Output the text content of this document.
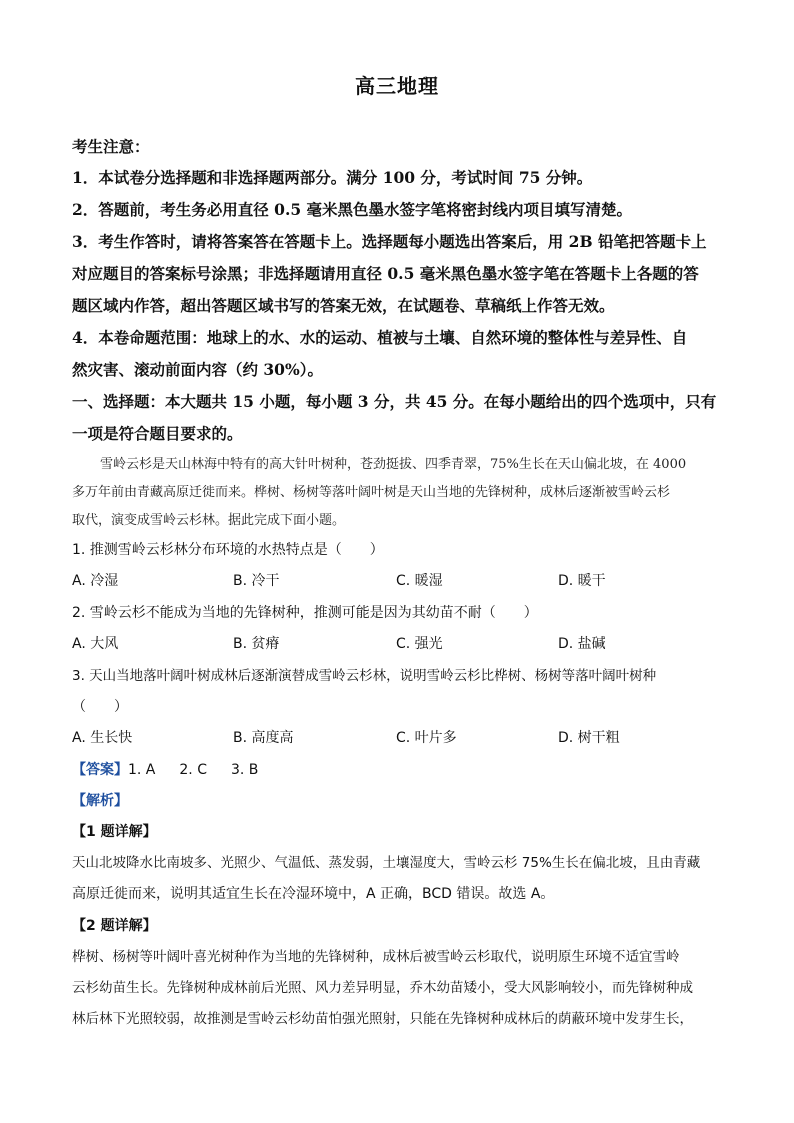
高三地理
考生注意：
1．本试卷分选择题和非选择题两部分。满分 100 分，考试时间 75 分钟。
2．答题前，考生务必用直径 0.5 毫米黑色墨水签字笔将密封线内项目填写清楚。
3．考生作答时，请将答案答在答题卡上。选择题每小题选出答案后，用 2B 铅笔把答题卡上
对应题目的答案标号涂黑；非选择题请用直径 0.5 毫米黑色墨水签字笔在答题卡上各题的答
题区域内作答，超出答题区域书写的答案无效，在试题卷、草稿纸上作答无效。
4．本卷命题范围：地球上的水、水的运动、植被与土壤、自然环境的整体性与差异性、自
然灾害、滚动前面内容（约 30%）。
一、选择题：本大题共 15 小题，每小题 3 分，共 45 分。在每小题给出的四个选项中，只有
一项是符合题目要求的。
雪岭云杉是天山林海中特有的高大针叶树种，苍劲挺拔、四季青翠，75%生长在天山偏北坡，在 4000
多万年前由青藏高原迁徙而来。桦树、杨树等落叶阔叶树是天山当地的先锋树种，成林后逐渐被雪岭云杉
取代，演变成雪岭云杉林。据此完成下面小题。
1. 推测雪岭云杉林分布环境的水热特点是（　　）
A. 冷湿	B. 冷干	C. 暖湿	D. 暖干
2. 雪岭云杉不能成为当地的先锋树种，推测可能是因为其幼苗不耐（　　）
A. 大风	B. 贫瘠	C. 强光	D. 盐碱
3. 天山当地落叶阔叶树成林后逐渐演替成雪岭云杉林，说明雪岭云杉比桦树、杨树等落叶阔叶树种
（　　）
A. 生长快	B. 高度高	C. 叶片多	D. 树干粗
【答案】1. A 2. C 3. B
【解析】
【1 题详解】
天山北坡降水比南坡多、光照少、气温低、蒸发弱，土壤湿度大，雪岭云杉 75%生长在偏北坡，且由青藏
高原迁徙而来，说明其适宜生长在冷湿环境中，A 正确，BCD 错误。故选 A。
【2 题详解】
桦树、杨树等叶阔叶喜光树种作为当地的先锋树种，成林后被雪岭云杉取代，说明原生环境不适宜雪岭
云杉幼苗生长。先锋树种成林前后光照、风力差异明显，乔木幼苗矮小，受大风影响较小，而先锋树种成
林后林下光照较弱，故推测是雪岭云杉幼苗怕强光照射，只能在先锋树种成林后的荫蔽环境中发芽生长，
